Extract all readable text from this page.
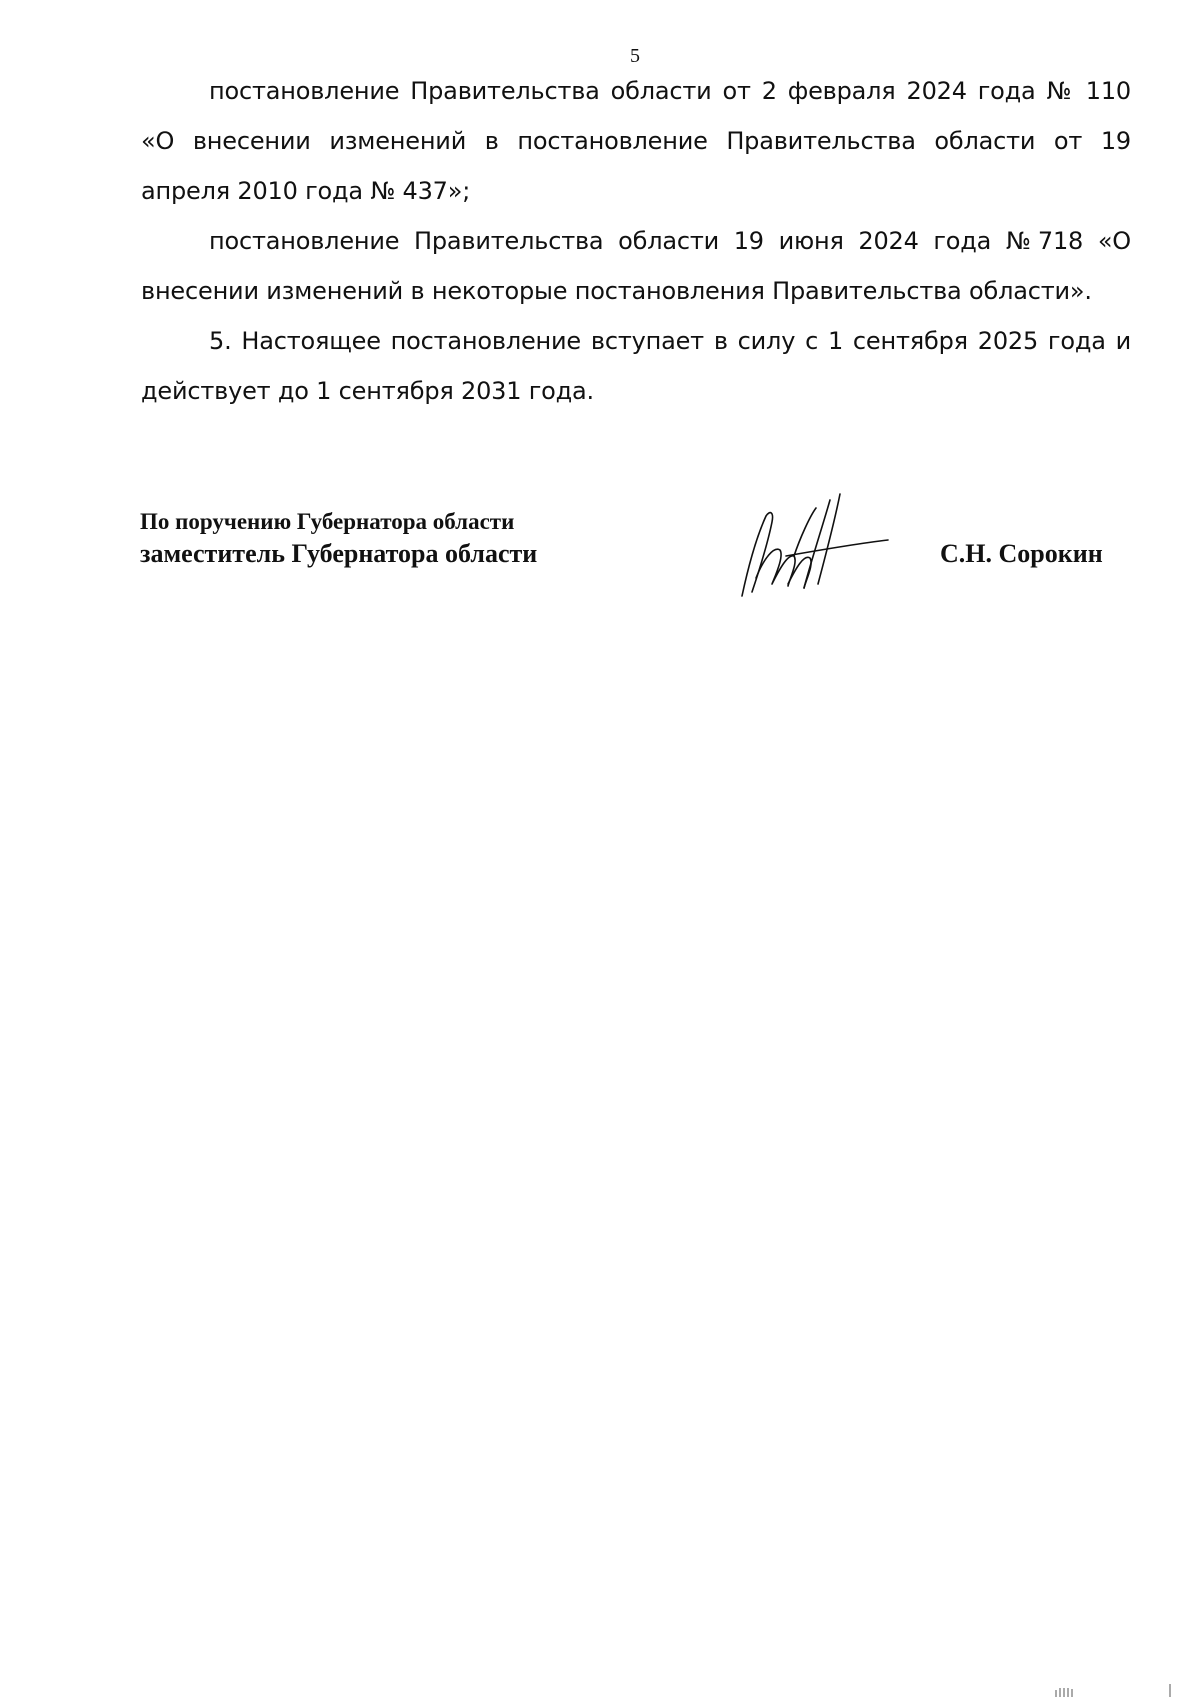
5

постановление Правительства области от 2 февраля 2024 года № 110 «О внесении изменений в постановление Правительства области от 19 апреля 2010 года № 437»;

постановление Правительства области 19 июня 2024 года №718 «О внесении изменений в некоторые постановления Правительства области».

5. Настоящее постановление вступает в силу с 1 сентября 2025 года и действует до 1 сентября 2031 года.

По поручению Губернатора области
заместитель Губернатора области	С.Н. Сорокин
